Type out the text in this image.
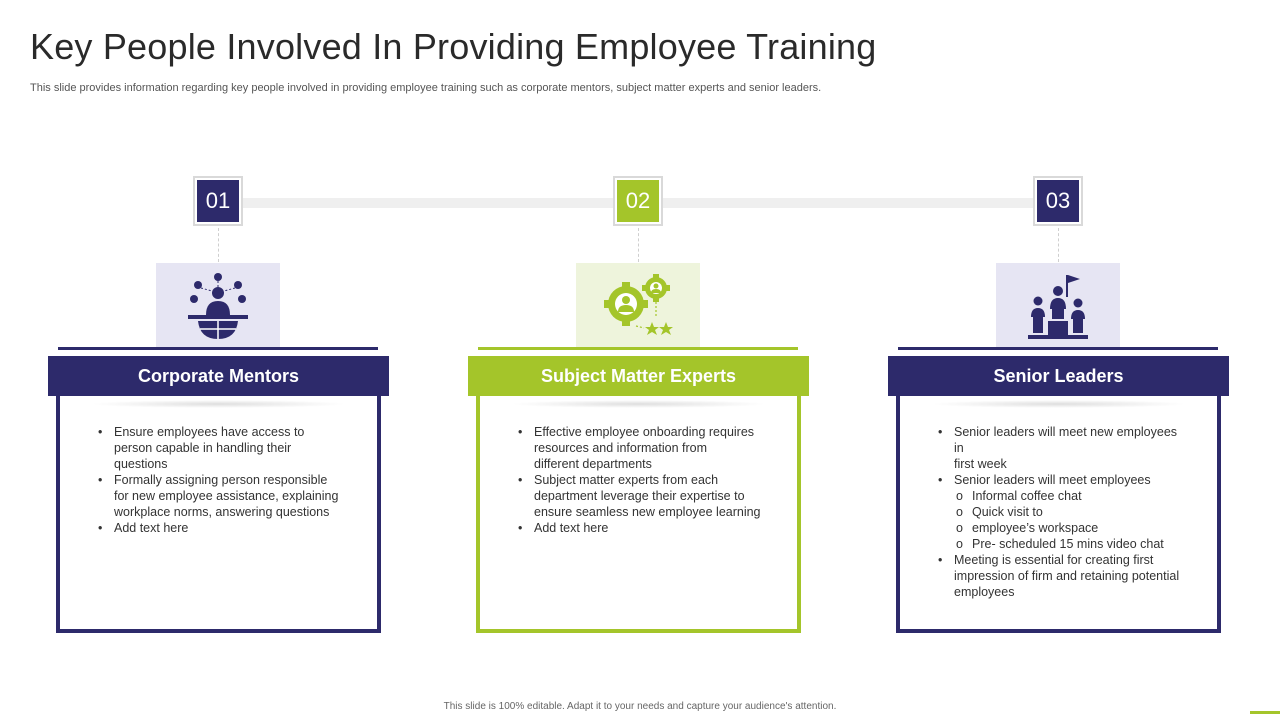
Key People Involved In Providing Employee Training

This slide provides information regarding key people involved in providing employee training such as corporate mentors, subject matter experts and senior leaders.

01
Corporate Mentors
• Ensure employees have access to person capable in handling their questions
• Formally assigning person responsible for new employee assistance, explaining workplace norms, answering questions
• Add text here
02
Subject Matter Experts
• Effective employee onboarding requires resources and information from
different departments
• Subject matter experts from each department leverage their expertise to ensure seamless new employee learning
• Add text here
03
Senior Leaders
• Senior leaders will meet new employees in
first week
• Senior leaders will meet employees
o Informal coffee chat
o Quick visit to
o employee’s workspace
o Pre- scheduled 15 mins video chat
• Meeting is essential for creating first impression of firm and retaining potential employees
This slide is 100% editable. Adapt it to your needs and capture your audience's attention.
